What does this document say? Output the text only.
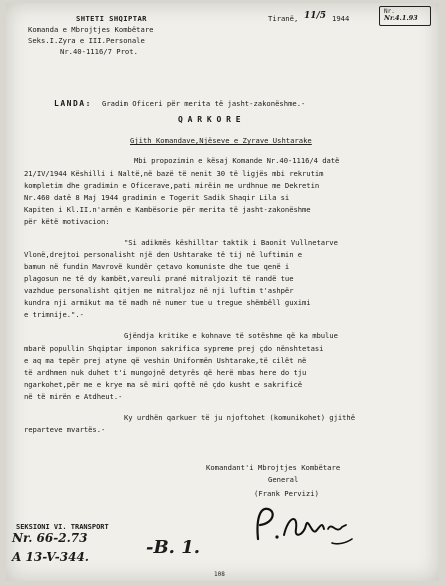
SHTETI SHQIPTAR
Komanda e Mbrojtjes Kombëtare
Seks.I.Zyra e III.Personale
Nr.40-1116/7 Prot.
Tiranë, 11/5 1944
Nr.
Nr.4.1.93
LANDA: Gradim Oficeri për merita të jasht-zakonëshme.-
Q A R K O R E
Gjith Komandave,Njëseve e Zyrave Ushtarake
Mbi propozimin e kësaj Komande Nr.40-1116/4 datë
21/IV/1944 Këshilli i Naltë,në bazë të nenit 30 të ligjës mbi rekrutim
kompletim dhe gradimin e Oficerave,pati mirëin me urdhnue me Dekretin
Nr.460 datë 8 Maj 1944 gradimin e Togerit Sadik Shaqir Lila si
Kapiten i Kl.II.n'armën e Kambësorie për merita të jasht-zakonëshme
për këtë motivacion:
"Si adikmës këshilltar taktik i Baonit Vullnetarve
Vlonë,drejtoi personalisht një den Ushtarake të tij në luftimin e
bamun në fundin Mavrovë kundër çetavo komuniste dhe tue qenë i
plagosun ne të dy kambët,vareuli prané mitraljozit të randë tue
vazhdue personalisht qitjen me mitraljoz në nji luftim t'ashpër
kundra nji armikut ma të madh në numer tue u tregue shëmbëll guximi
e trimnije.".-
Gjëndja kritike e kohnave të sotëshme që ka mbulue
mbarë popullin Shqiptar imponon sakrifica sypreme prej çdo nënshtetasi
e aq ma tepër prej atyne që veshin Uniformën Ushtarake,të cilët në
të ardhmen nuk duhet t'i mungojnë detyrës që herë mbas here do tju
ngarkohet,për me e krye ma së miri qoftë në çdo kusht e sakrificë
në të mirën e Atdheut.-
Ky urdhën qarkuer të ju njoftohet (komunikohet) gjithë
reparteve mvartës.-
Komandant'i Mbrojtjes Kombëtare
General
(Frank Pervizi)
SEKSIONI VI. TRANSPORT
Nr. 66-2.73
A 13-V-344.	-B. 1.
108
